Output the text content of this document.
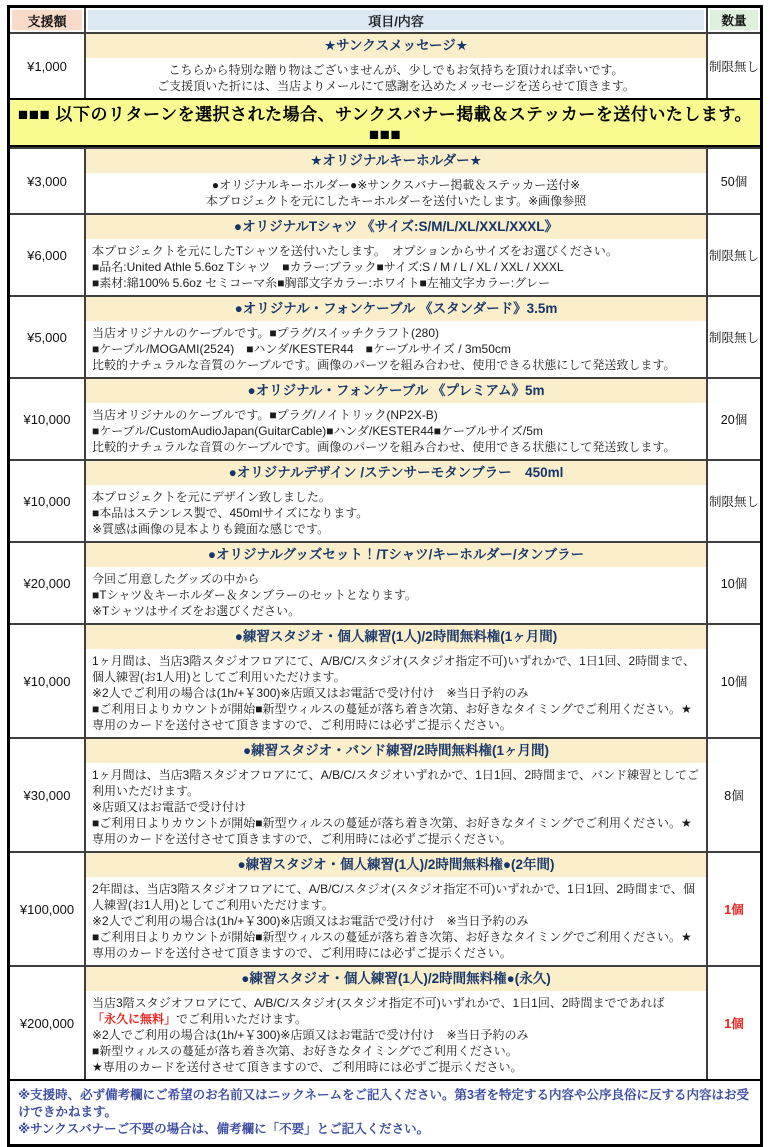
支援額	項目/内容	数量
¥1,000
★サンクスメッセージ★
こちらから特別な贈り物はございませんが、少しでもお気持ちを頂ければ幸いです。
ご支援頂いた折には、当店よりメールにて感謝を込めたメッセージを送らせて頂きます。
制限無し
■■■ 以下のリターンを選択された場合、サンクスバナー掲載＆ステッカーを送付いたします。■■■
¥3,000
★オリジナルキーホルダー★
●オリジナルキーホルダー●※サンクスバナー掲載＆ステッカー送付※
本プロジェクトを元にしたキーホルダーを送付いたします。※画像参照
50個
¥6,000
●オリジナルTシャツ 《サイズ:S/M/L/XL/XXL/XXXL》
本プロジェクトを元にしたTシャツを送付いたします。　オプションからサイズをお選びください。
■品名:United Athle 5.6oz Tシャツ　■カラー:ブラック■サイズ:S / M / L / XL / XXL / XXXL
■素材:綿100% 5.6oz セミコーマ糸■胸部文字カラー:ホワイト■左袖文字カラー:グレー
制限無し
¥5,000
●オリジナル・フォンケーブル 《スタンダード》3.5m
当店オリジナルのケーブルです。■プラグ/スイッチクラフト(280)
■ケーブル/MOGAMI(2524)　■ハンダ/KESTER44　■ケーブルサイズ / 3m50cm
比較的ナチュラルな音質のケーブルです。画像のパーツを組み合わせ、使用できる状態にして発送致します。
制限無し
¥10,000
●オリジナル・フォンケーブル 《プレミアム》5m
当店オリジナルのケーブルです。■プラグ/ノイトリック(NP2X-B)
■ケーブル/CustomAudioJapan(GuitarCable)■ハンダ/KESTER44■ケーブルサイズ/5m
比較的ナチュラルな音質のケーブルです。画像のパーツを組み合わせ、使用できる状態にして発送致します。
20個
¥10,000
●オリジナルデザイン /ステンサーモタンブラー　450ml
本プロジェクトを元にデザイン致しました。
■本品はステンレス製で、450mlサイズになります。
※質感は画像の見本よりも鏡面な感じです。
制限無し
¥20,000
●オリジナルグッズセット！/Tシャツ/キーホルダー/タンブラー
今回ご用意したグッズの中から
■Tシャツ＆キーホルダー＆タンブラーのセットとなります。
※Tシャツはサイズをお選びください。
10個
¥10,000
●練習スタジオ・個人練習(1人)/2時間無料権(1ヶ月間)
1ヶ月間は、当店3階スタジオフロアにて、A/B/C/スタジオ(スタジオ指定不可)いずれかで、1日1回、2時間まで、個人練習(お1人用)としてご利用いただけます。
※2人でご利用の場合は(1h/+￥300)※店頭又はお電話で受け付け　※当日予約のみ
■ご利用日よりカウントが開始■新型ウィルスの蔓延が落ち着き次第、お好きなタイミングでご利用ください。★専用のカードを送付させて頂きますので、ご利用時には必ずご提示ください。
10個
¥30,000
●練習スタジオ・バンド練習/2時間無料権(1ヶ月間)
1ヶ月間は、当店3階スタジオフロアにて、A/B/C/スタジオいずれかで、1日1回、2時間まで、バンド練習としてご利用いただけます。
※店頭又はお電話で受け付け
■ご利用日よりカウントが開始■新型ウィルスの蔓延が落ち着き次第、お好きなタイミングでご利用ください。★専用のカードを送付させて頂きますので、ご利用時には必ずご提示ください。
8個
¥100,000
●練習スタジオ・個人練習(1人)/2時間無料権●(2年間)
2年間は、当店3階スタジオフロアにて、A/B/C/スタジオ(スタジオ指定不可)いずれかで、1日1回、2時間まで、個人練習(お1人用)としてご利用いただけます。
※2人でご利用の場合は(1h/+￥300)※店頭又はお電話で受け付け　※当日予約のみ
■ご利用日よりカウントが開始■新型ウィルスの蔓延が落ち着き次第、お好きなタイミングでご利用ください。★専用のカードを送付させて頂きますので、ご利用時には必ずご提示ください。
1個
¥200,000
●練習スタジオ・個人練習(1人)/2時間無料権●(永久)
当店3階スタジオフロアにて、A/B/C/スタジオ(スタジオ指定不可)いずれかで、1日1回、2時間までであれば
「永久に無料」でご利用いただけます。
※2人でご利用の場合は(1h/+￥300)※店頭又はお電話で受け付け　※当日予約のみ
■新型ウィルスの蔓延が落ち着き次第、お好きなタイミングでご利用ください。
★専用のカードを送付させて頂きますので、ご利用時には必ずご提示ください。
1個
※支援時、必ず備考欄にご希望のお名前又はニックネームをご記入ください。第3者を特定する内容や公序良俗に反する内容はお受けできかねます。
※サンクスバナーご不要の場合は、備考欄に「不要」とご記入ください。
